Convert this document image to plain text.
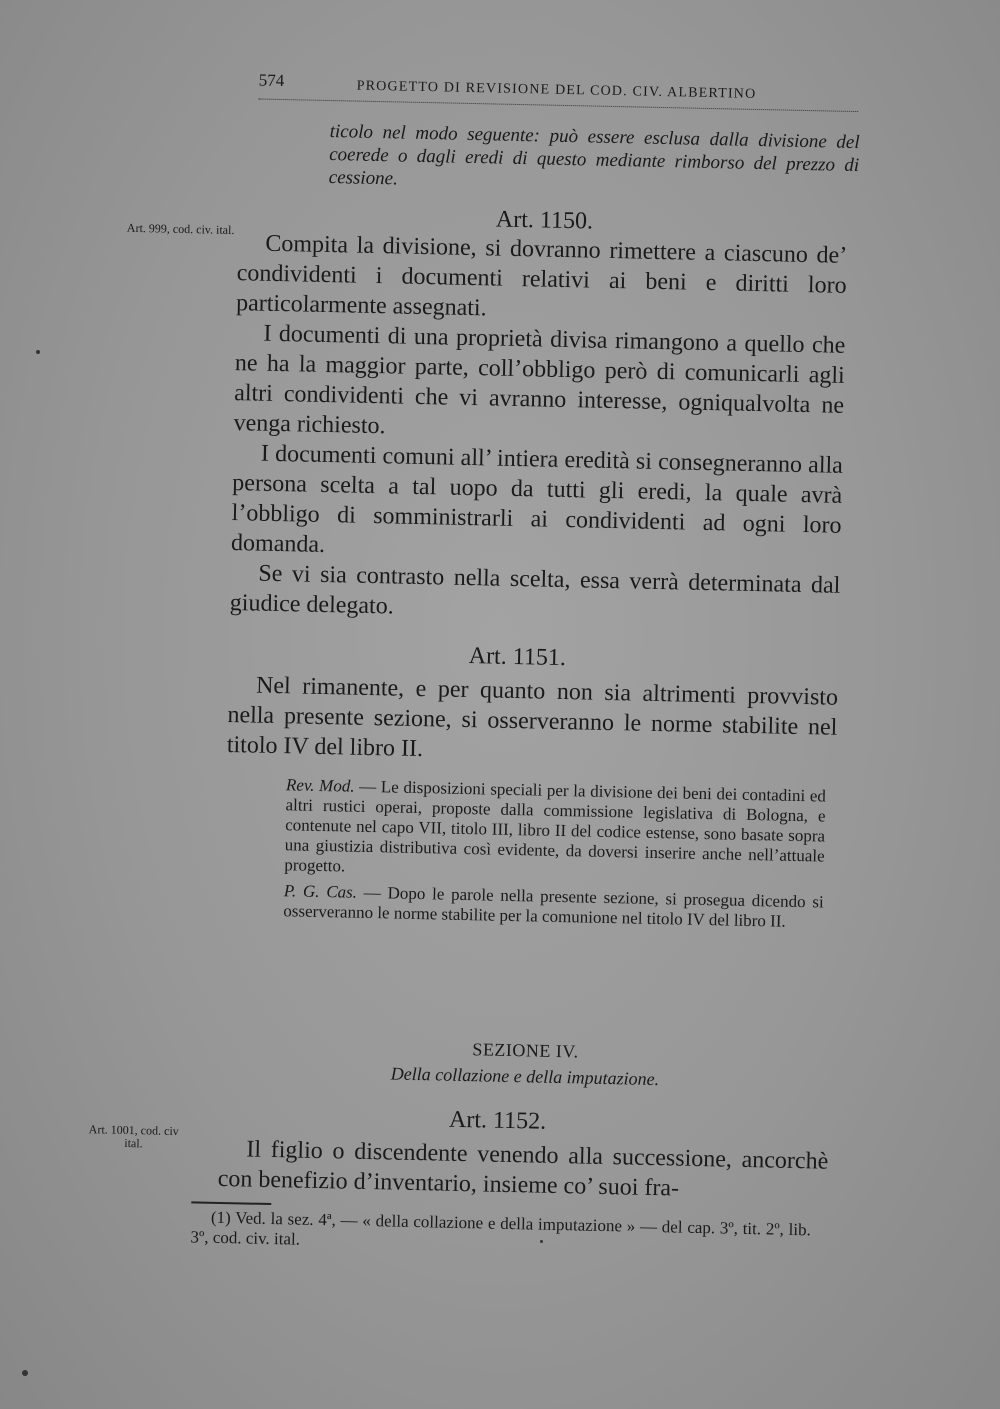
574	PROGETTO DI REVISIONE DEL COD. CIV. ALBERTINO

ticolo nel modo seguente: può essere esclusa dalla divisione del coerede o dagli eredi di questo mediante rimborso del prezzo di cessione.

Art. 1150.
Art. 999, cod. civ. ital.

Compita la divisione, si dovranno rimettere a ciascuno de’ condividenti i documenti relativi ai beni e diritti loro particolarmente assegnati.

I documenti di una proprietà divisa rimangono a quello che ne ha la maggior parte, coll’obbligo però di comunicarli agli altri condividenti che vi avranno interesse, ogniqualvolta ne venga richiesto.

I documenti comuni all’ intiera eredità si consegneranno alla persona scelta a tal uopo da tutti gli eredi, la quale avrà l’obbligo di somministrarli ai condividenti ad ogni loro domanda.

Se vi sia contrasto nella scelta, essa verrà determinata dal giudice delegato.

Art. 1151.

Nel rimanente, e per quanto non sia altrimenti provvisto nella presente sezione, si osserveranno le norme stabilite nel titolo IV del libro II.

Rev. Mod. — Le disposizioni speciali per la divisione dei beni dei contadini ed altri rustici operai, proposte dalla commissione legislativa di Bologna, e contenute nel capo VII, titolo III, libro II del codice estense, sono basate sopra una giustizia distributiva così evidente, da doversi inserire anche nell’attuale progetto.

P. G. Cas. — Dopo le parole nella presente sezione, si prosegua dicendo si osserveranno le norme stabilite per la comunione nel titolo IV del libro II.

SEZIONE IV.
Della collazione e della imputazione.
Art. 1152.
Art. 1001, cod. civ ital.	Il figlio o discendente venendo alla successione, ancorchè con benefizio d’inventario, insieme co’ suoi fra-

(1) Ved. la sez. 4ª, — « della collazione e della imputazione » — del cap. 3º, tit. 2º, lib. 3º, cod. civ. ital.
